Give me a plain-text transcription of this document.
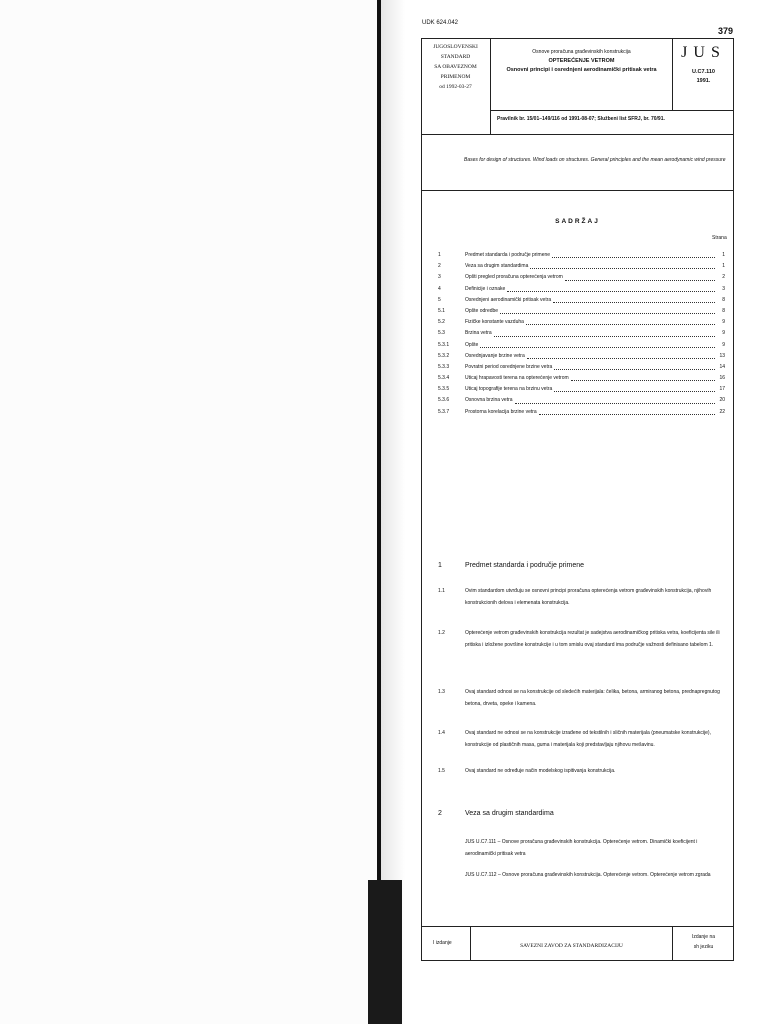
UDK 624.042
379
JUGOSLOVENSKI
STANDARD
SA OBAVEZNOM
PRIMENOM
od 1992-03-27
Osnove proračuna građevinskih konstrukcija
OPTEREĆENJE VETROM
Osnovni principi i osrednjeni aerodinamički pritisak vetra
JUS
U.C7.110
1991.
Pravilnik br. 15/01–149/116 od 1991-08-07; Službeni list SFRJ, br. 70/91.
Bases for design of structures. Wind loads on structures. General principles and the mean aerodynamic wind pressure
SADRŽAJ
Strana
1	Predmet standarda i područje primene	1
2	Veza sa drugim standardima	1
3	Opšti pregled proračuna opterećenja vetrom	2
4	Definicije i oznake	3
5	Osrednjeni aerodinamički pritisak vetra	8
5.1	Opšte odredbe	8
5.2	Fizičke konstante vazduha	9
5.3	Brzina vetra	9
5.3.1	Opšte	9
5.3.2	Osrednjavanje brzine vetra	13
5.3.3	Povratni period osrednjene brzine vetra	14
5.3.4	Uticaj hrapavosti terena na opterećenje vetrom	16
5.3.5	Uticaj topografije terena na brzinu vetra	17
5.3.6	Osnovna brzina vetra	20
5.3.7	Prostorna korelacija brzine vetra	22
1	Predmet standarda i područje primene
1.1	Ovim standardom utvrđuju se osnovni principi proračuna opterećenja vetrom građevinskih konstrukcija, njihovih konstrukcionih delova i elemenata konstrukcija.
1.2	Opterećenje vetrom građevinskih konstrukcija rezultat je sadejstva aerodinamičkog pritiska vetra, koeficijenta sile ili pritiska i izložene površine konstrukcije i u tom smislu ovaj standard ima područje važnosti definisano tabelom 1.
1.3	Ovaj standard odnosi se na konstrukcije od sledećih materijala: čelika, betona, armiranog betona, prednapregnutog betona, drveta, opeke i kamena.
1.4	Ovaj standard ne odnosi se na konstrukcije izrađene od tekstilnih i sličnih materijala (pneumatske konstrukcije), konstrukcije od plastičnih masa, guma i materijala koji predstavljaju njihovu mešavinu.
1.5	Ovaj standard ne određuje način modelskog ispitivanja konstrukcija.
2	Veza sa drugim standardima
JUS U.C7.111 – Osnove proračuna građevinskih konstrukcija. Opterećenje vetrom. Dinamički koeficijent i aerodinamički pritisak vetra
JUS U.C7.112 – Osnove proračuna građevinskih konstrukcija. Opterećenje vetrom. Opterećenje vetrom zgrada
I izdanje	SAVEZNI ZAVOD ZA STANDARDIZACIJU
Izdanje na
sh jeziku
